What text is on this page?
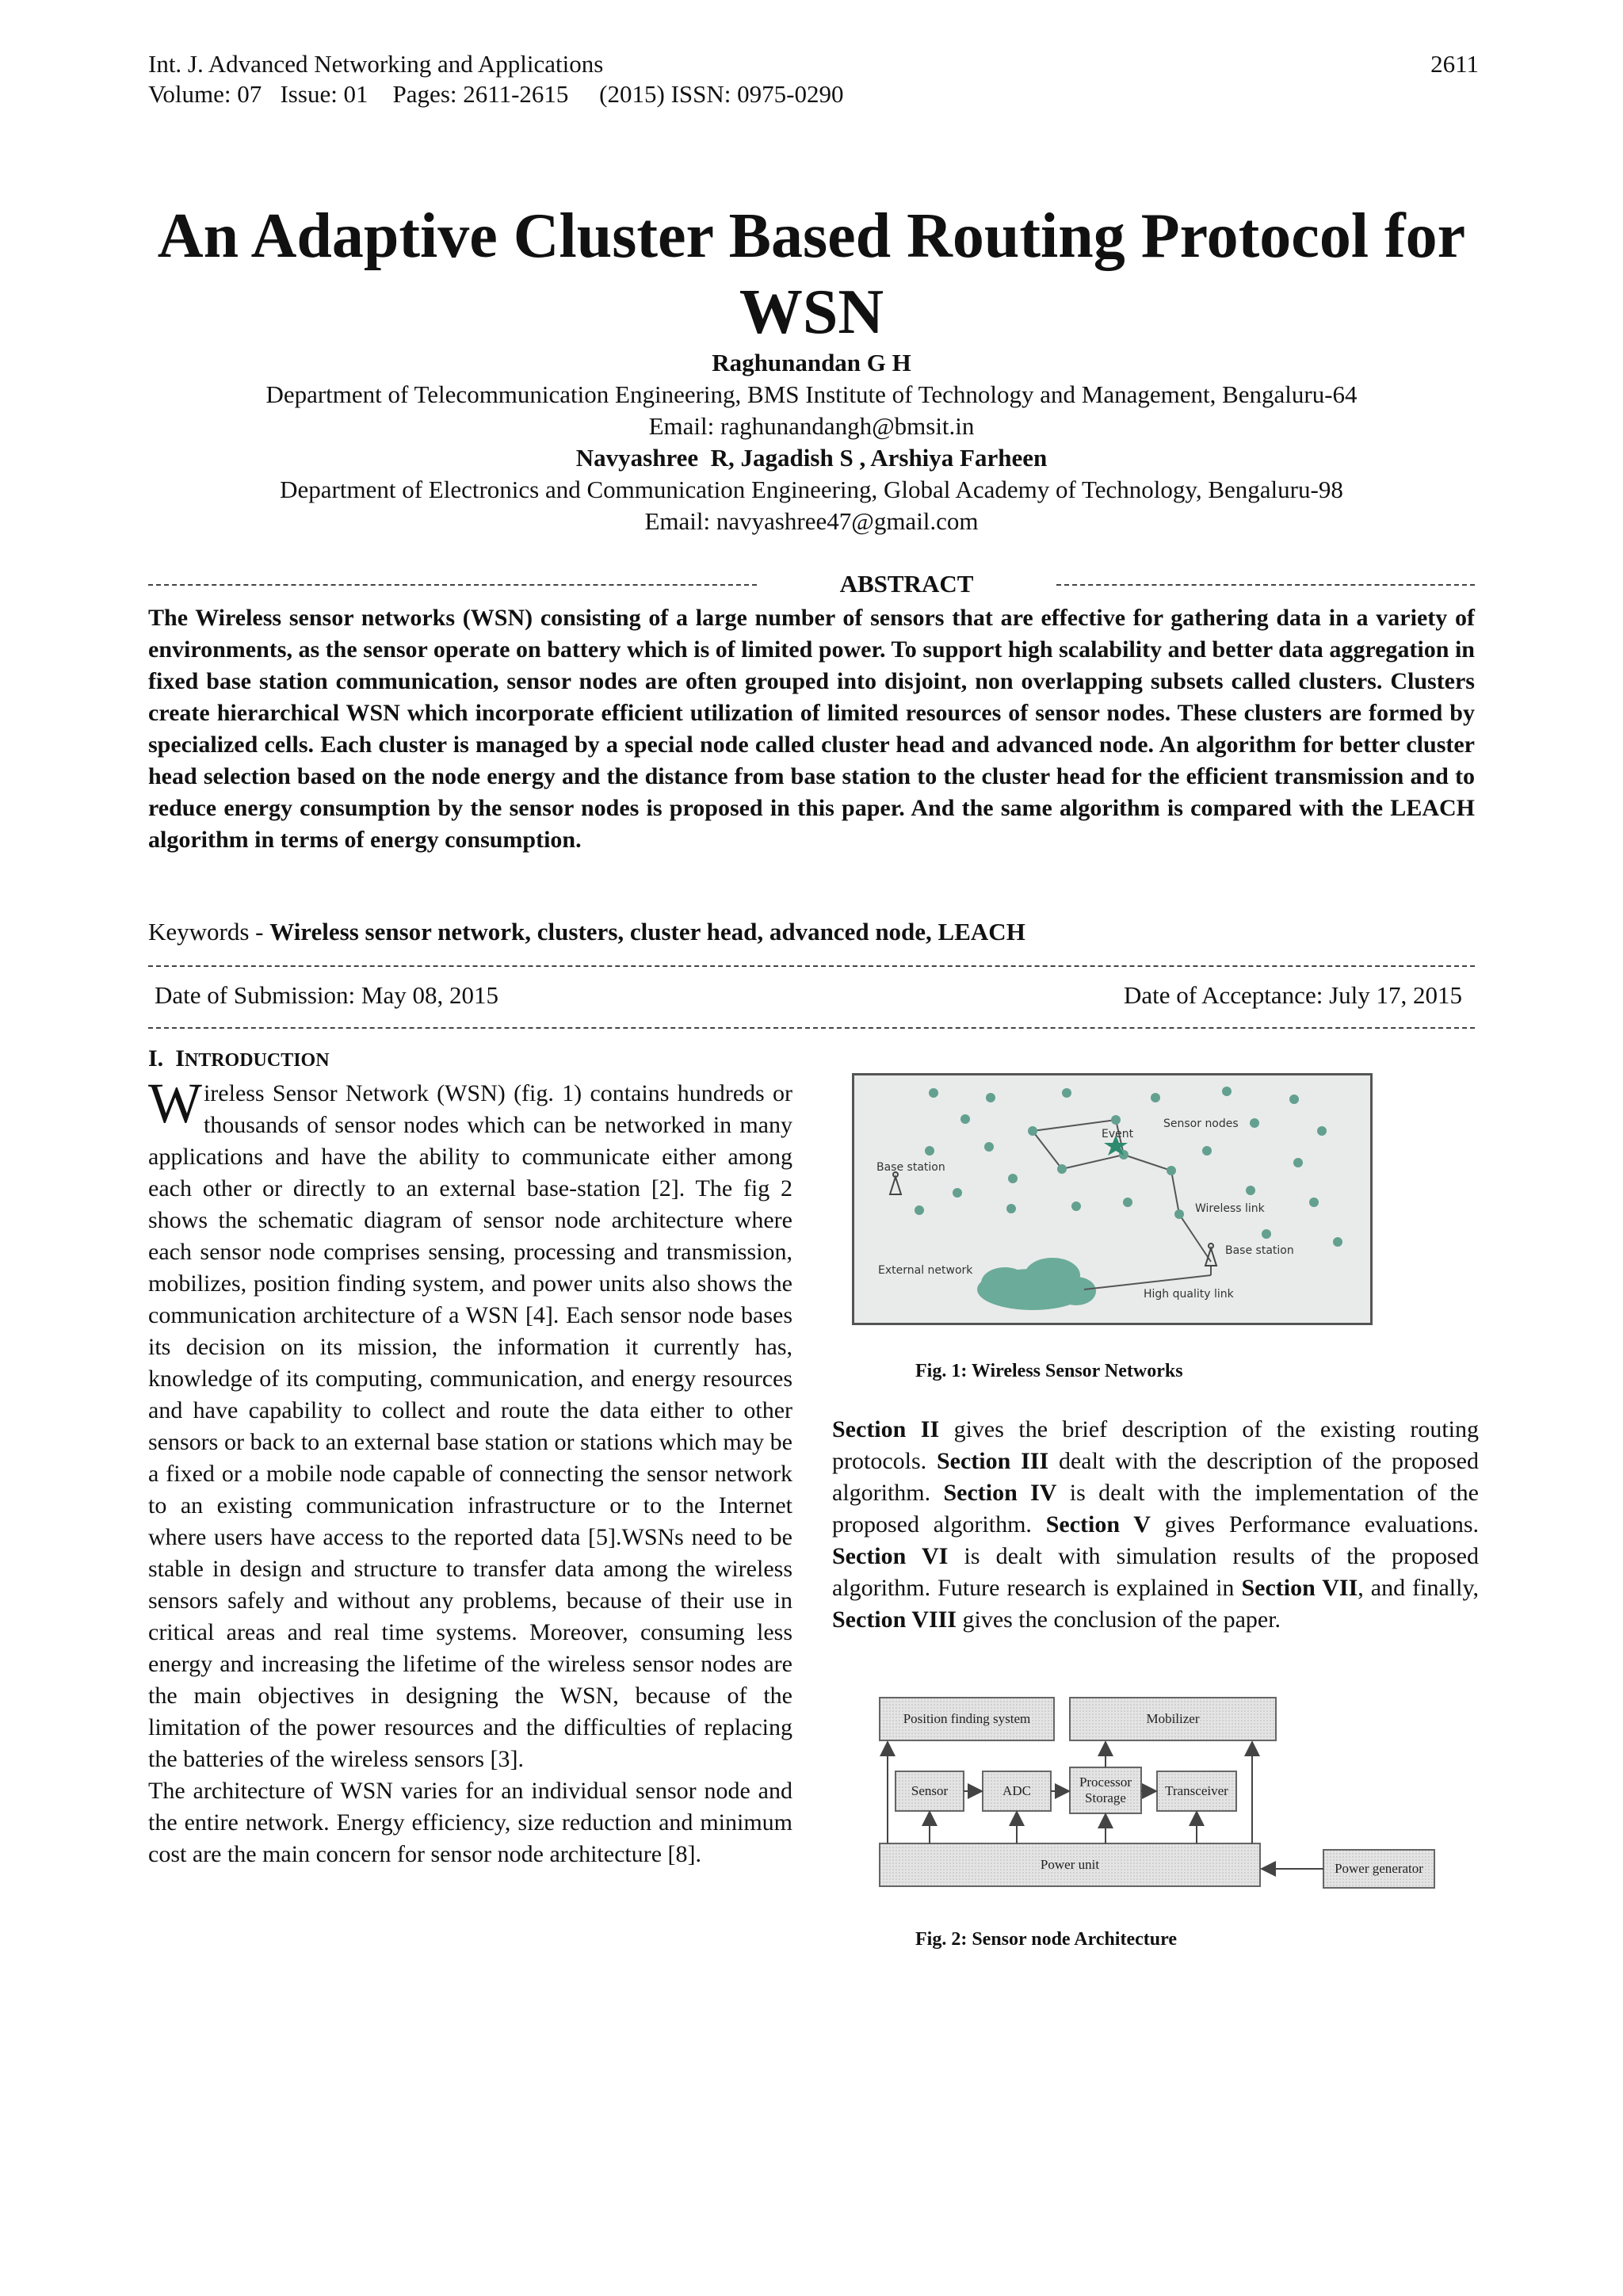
Int. J. Advanced Networking and Applications
Volume: 07   Issue: 01    Pages: 2611-2615     (2015) ISSN: 0975-0290
2611
An Adaptive Cluster Based Routing Protocol for WSN
Raghunandan G H
Department of Telecommunication Engineering, BMS Institute of Technology and Management, Bengaluru-64
Email: raghunandangh@bmsit.in
Navyashree  R, Jagadish S , Arshiya Farheen
Department of Electronics and Communication Engineering, Global Academy of Technology, Bengaluru-98
Email: navyashree47@gmail.com
ABSTRACT
The Wireless sensor networks (WSN) consisting of a large number of sensors that are effective for gathering data in a variety of environments, as the sensor operate on battery which is of limited power. To support high scalability and better data aggregation in fixed base station communication, sensor nodes are often grouped into disjoint, non overlapping subsets called clusters. Clusters create hierarchical WSN which incorporate efficient utilization of limited resources of sensor nodes. These clusters are formed by specialized cells. Each cluster is managed by a special node called cluster head and advanced node. An algorithm for better cluster head selection based on the node energy and the distance from base station to the cluster head for the efficient transmission and to reduce energy consumption by the sensor nodes is proposed in this paper. And the same algorithm is compared with the LEACH algorithm in terms of energy consumption.
Keywords - Wireless sensor network, clusters, cluster head, advanced node, LEACH
Date of Submission: May 08, 2015	Date of Acceptance: July 17, 2015
I. INTRODUCTION

Wireless Sensor Network (WSN) (fig. 1) contains hundreds or thousands of sensor nodes which can be networked in many applications and have the ability to communicate either among each other or directly to an external base-station [2]. The fig 2 shows the schematic diagram of sensor node architecture where each sensor node comprises sensing, processing and transmission, mobilizes, position finding system, and power units also shows the communication architecture of a WSN [4]. Each sensor node bases its decision on its mission, the information it currently has, knowledge of its computing, communication, and energy resources and have capability to collect and route the data either to other sensors or back to an external base station or stations which may be a fixed or a mobile node capable of connecting the sensor network to an existing communication infrastructure or to the Internet where users have access to the reported data [5].WSNs need to be stable in design and structure to transfer data among the wireless sensors safely and without any problems, because of their use in critical areas and real time systems. Moreover, consuming less energy and increasing the lifetime of the wireless sensor nodes are the main objectives in designing the WSN, because of the limitation of the power resources and the difficulties of replacing the batteries of the wireless sensors [3].

The architecture of WSN varies for an individual sensor node and the entire network. Energy efficiency, size reduction and minimum cost are the main concern for sensor node architecture [8].

Sensor nodes
Event
Base station
Wireless link
Base station
External network
High quality link
Fig. 1: Wireless Sensor Networks
Section II gives the brief description of the existing routing protocols. Section III dealt with the description of the proposed algorithm. Section IV is dealt with the implementation of the proposed algorithm. Section V gives Performance evaluations. Section VI is dealt with simulation results of the proposed algorithm. Future research is explained in Section VII, and finally, Section VIII gives the conclusion of the paper.
Position finding system	Mobilizer
Sensor	ADC
Processor
Storage	Transceiver
Power unit	Power generator
Fig. 2: Sensor node Architecture
